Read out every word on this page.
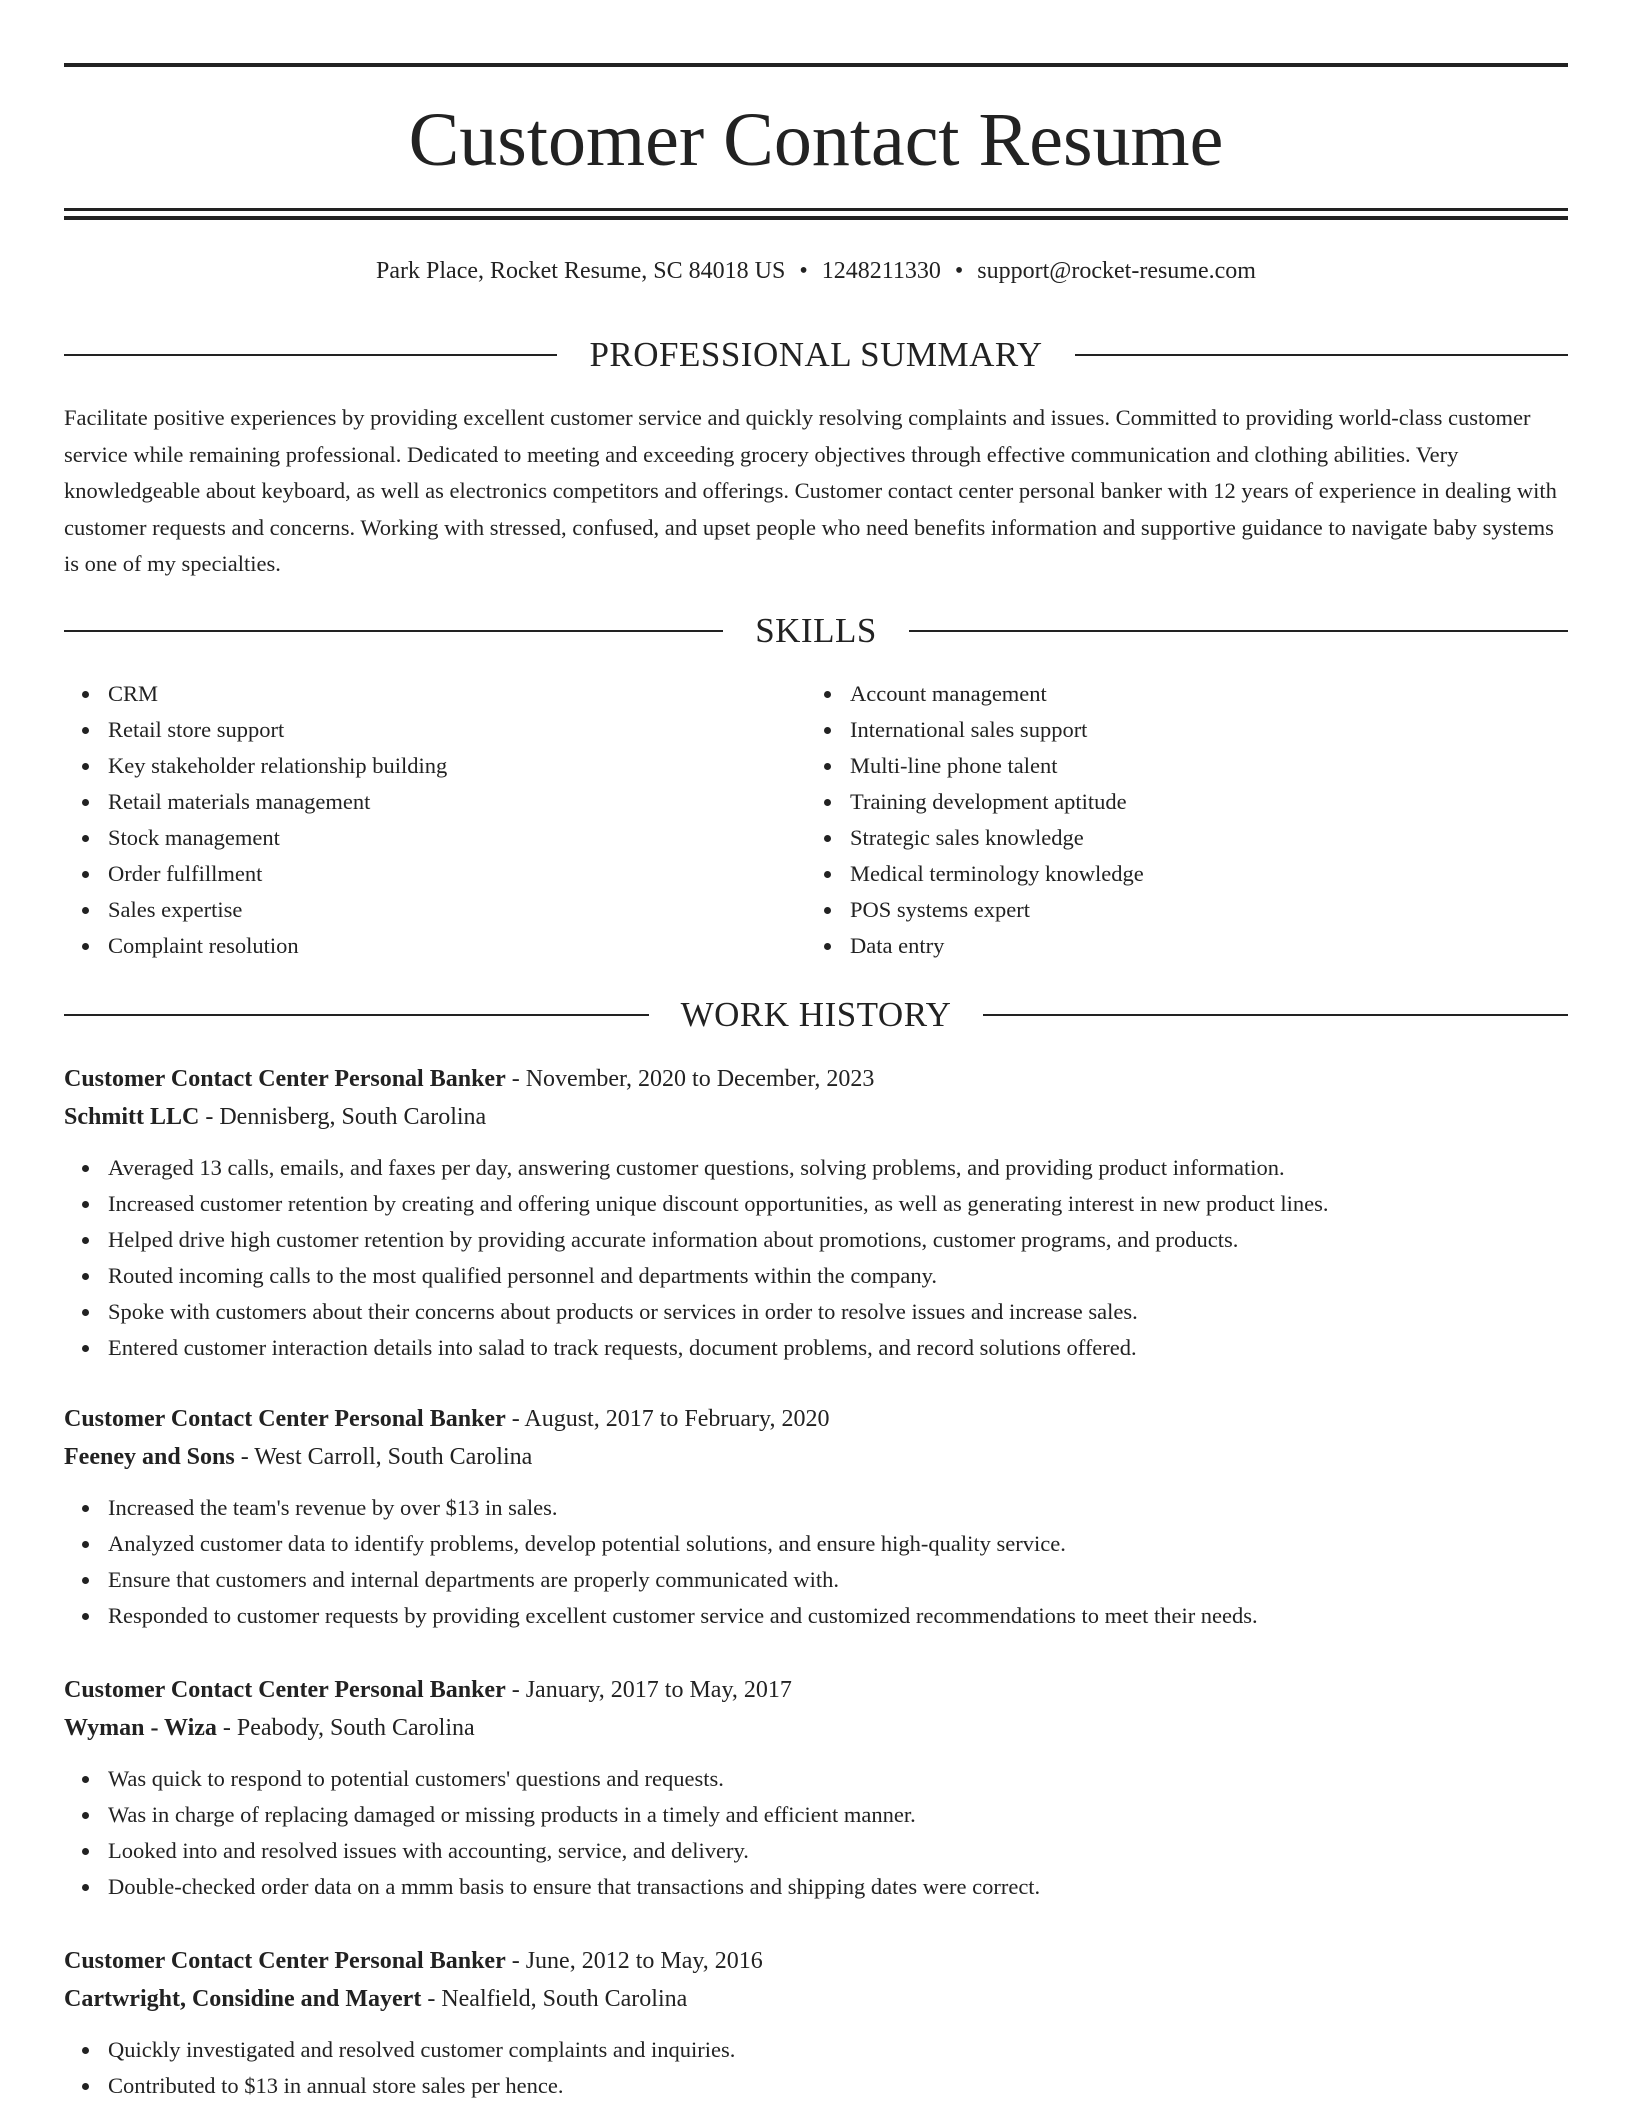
Customer Contact Resume
Park Place, Rocket Resume, SC 84018 US • 1248211330 • support@rocket-resume.com
PROFESSIONAL SUMMARY

Facilitate positive experiences by providing excellent customer service and quickly resolving complaints and issues. Committed to providing world-class customer service while remaining professional. Dedicated to meeting and exceeding grocery objectives through effective communication and clothing abilities. Very knowledgeable about keyboard, as well as electronics competitors and offerings. Customer contact center personal banker with 12 years of experience in dealing with customer requests and concerns. Working with stressed, confused, and upset people who need benefits information and supportive guidance to navigate baby systems is one of my specialties.

SKILLS
CRM
Retail store support
Key stakeholder relationship building
Retail materials management
Stock management
Order fulfillment
Sales expertise
Complaint resolution
Account management
International sales support
Multi-line phone talent
Training development aptitude
Strategic sales knowledge
Medical terminology knowledge
POS systems expert
Data entry
WORK HISTORY
Customer Contact Center Personal Banker - November, 2020 to December, 2023
Schmitt LLC - Dennisberg, South Carolina
Averaged 13 calls, emails, and faxes per day, answering customer questions, solving problems, and providing product information.
Increased customer retention by creating and offering unique discount opportunities, as well as generating interest in new product lines.
Helped drive high customer retention by providing accurate information about promotions, customer programs, and products.
Routed incoming calls to the most qualified personnel and departments within the company.
Spoke with customers about their concerns about products or services in order to resolve issues and increase sales.
Entered customer interaction details into salad to track requests, document problems, and record solutions offered.
Customer Contact Center Personal Banker - August, 2017 to February, 2020
Feeney and Sons - West Carroll, South Carolina
Increased the team's revenue by over $13 in sales.
Analyzed customer data to identify problems, develop potential solutions, and ensure high-quality service.
Ensure that customers and internal departments are properly communicated with.
Responded to customer requests by providing excellent customer service and customized recommendations to meet their needs.
Customer Contact Center Personal Banker - January, 2017 to May, 2017
Wyman - Wiza - Peabody, South Carolina
Was quick to respond to potential customers' questions and requests.
Was in charge of replacing damaged or missing products in a timely and efficient manner.
Looked into and resolved issues with accounting, service, and delivery.
Double-checked order data on a mmm basis to ensure that transactions and shipping dates were correct.
Customer Contact Center Personal Banker - June, 2012 to May, 2016
Cartwright, Considine and Mayert - Nealfield, South Carolina
Quickly investigated and resolved customer complaints and inquiries.
Contributed to $13 in annual store sales per hence.
